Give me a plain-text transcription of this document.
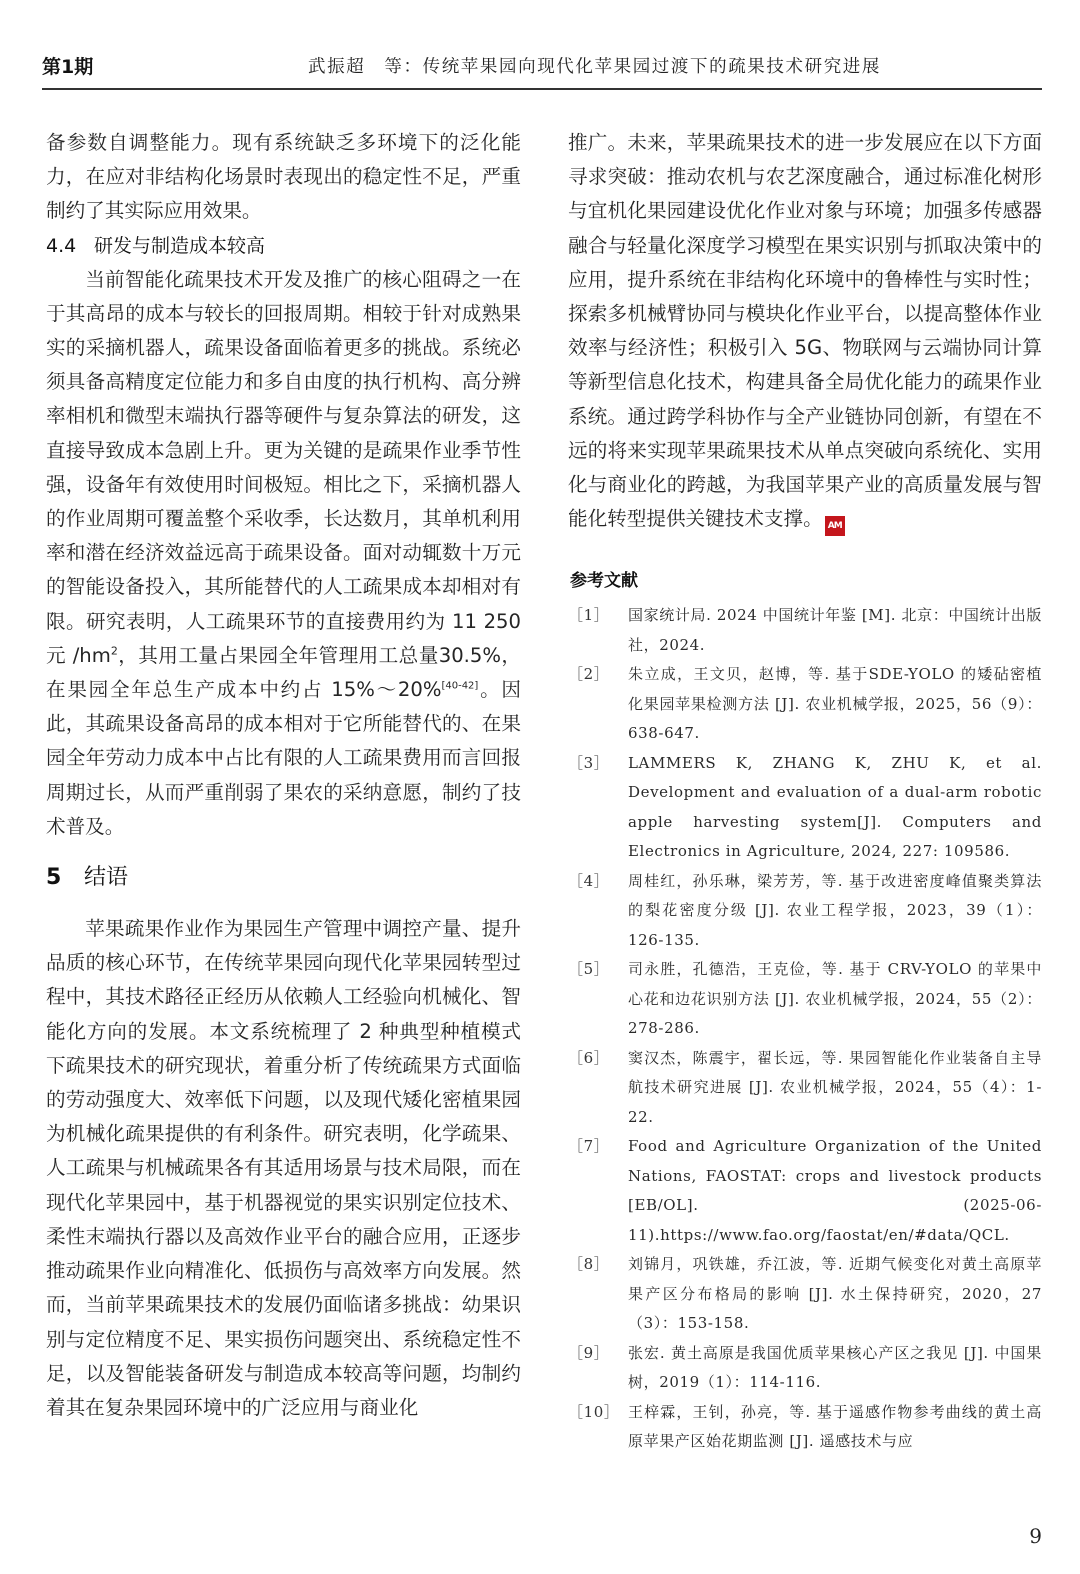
第1期	武振超　等：传统苹果园向现代化苹果园过渡下的疏果技术研究进展

备参数自调整能力。现有系统缺乏多环境下的泛化能力，在应对非结构化场景时表现出的稳定性不足，严重制约了其实际应用效果。

4.4 研发与制造成本较高

当前智能化疏果技术开发及推广的核心阻碍之一在于其高昂的成本与较长的回报周期。相较于针对成熟果实的采摘机器人，疏果设备面临着更多的挑战。系统必须具备高精度定位能力和多自由度的执行机构、高分辨率相机和微型末端执行器等硬件与复杂算法的研发，这直接导致成本急剧上升。更为关键的是疏果作业季节性强，设备年有效使用时间极短。相比之下，采摘机器人的作业周期可覆盖整个采收季，长达数月，其单机利用率和潜在经济效益远高于疏果设备。面对动辄数十万元的智能设备投入，其所能替代的人工疏果成本却相对有限。研究表明，人工疏果环节的直接费用约为 11 250 元 $/hm^2$，其用工量占果园全年管理用工总量30.5%，在果园全年总生产成本中约占 15%～20%[40-42]。因此，其疏果设备高昂的成本相对于它所能替代的、在果园全年劳动力成本中占比有限的人工疏果费用而言回报周期过长，从而严重削弱了果农的采纳意愿，制约了技术普及。

5 结语

苹果疏果作业作为果园生产管理中调控产量、提升品质的核心环节，在传统苹果园向现代化苹果园转型过程中，其技术路径正经历从依赖人工经验向机械化、智能化方向的发展。本文系统梳理了 2 种典型种植模式下疏果技术的研究现状，着重分析了传统疏果方式面临的劳动强度大、效率低下问题，以及现代矮化密植果园为机械化疏果提供的有利条件。研究表明，化学疏果、人工疏果与机械疏果各有其适用场景与技术局限，而在现代化苹果园中，基于机器视觉的果实识别定位技术、柔性末端执行器以及高效作业平台的融合应用，正逐步推动疏果作业向精准化、低损伤与高效率方向发展。然而，当前苹果疏果技术的发展仍面临诸多挑战：幼果识别与定位精度不足、果实损伤问题突出、系统稳定性不足，以及智能装备研发与制造成本较高等问题，均制约着其在复杂果园环境中的广泛应用与商业化

推广。未来，苹果疏果技术的进一步发展应在以下方面寻求突破：推动农机与农艺深度融合，通过标准化树形与宜机化果园建设优化作业对象与环境；加强多传感器融合与轻量化深度学习模型在果实识别与抓取决策中的应用，提升系统在非结构化环境中的鲁棒性与实时性；探索多机械臂协同与模块化作业平台，以提高整体作业效率与经济性；积极引入 5G、物联网与云端协同计算等新型信息化技术，构建具备全局优化能力的疏果作业系统。通过跨学科协作与全产业链协同创新，有望在不远的将来实现苹果疏果技术从单点突破向系统化、实用化与商业化的跨越，为我国苹果产业的高质量发展与智能化转型提供关键技术支撑。 AM

参考文献
［1］ 国家统计局. 2024 中国统计年鉴 [M]. 北京：中国统计出版社，2024.
［2］ 朱立成，王文贝，赵博，等. 基于SDE-YOLO 的矮砧密植化果园苹果检测方法 [J]. 农业机械学报，2025，56（9）：638-647.
［3］ LAMMERS K, ZHANG K, ZHU K, et al. Development and evaluation of a dual-arm robotic apple harvesting system[J]. Computers and Electronics in Agriculture, 2024, 227: 109586.
［4］ 周桂红，孙乐琳，梁芳芳，等. 基于改进密度峰值聚类算法的梨花密度分级 [J]. 农业工程学报，2023，39（1）：126-135.
［5］ 司永胜，孔德浩，王克俭，等. 基于 CRV-YOLO 的苹果中心花和边花识别方法 [J]. 农业机械学报，2024，55（2）：278-286.
［6］ 窦汉杰，陈震宇，翟长远，等. 果园智能化作业装备自主导航技术研究进展 [J]. 农业机械学报，2024，55（4）：1-22.
［7］ Food and Agriculture Organization of the United Nations, FAOSTAT: crops and livestock products [EB/OL]. (2025-06-11).https://www.fao.org/faostat/en/#data/QCL.
［8］ 刘锦月，巩铁雄，乔江波，等. 近期气候变化对黄土高原苹果产区分布格局的影响 [J]. 水土保持研究，2020，27（3）：153-158.
［9］ 张宏. 黄土高原是我国优质苹果核心产区之我见 [J]. 中国果树，2019（1）：114-116.
［10］ 王梓霖，王钊，孙亮，等. 基于遥感作物参考曲线的黄土高原苹果产区始花期监测 [J]. 遥感技术与应
9
